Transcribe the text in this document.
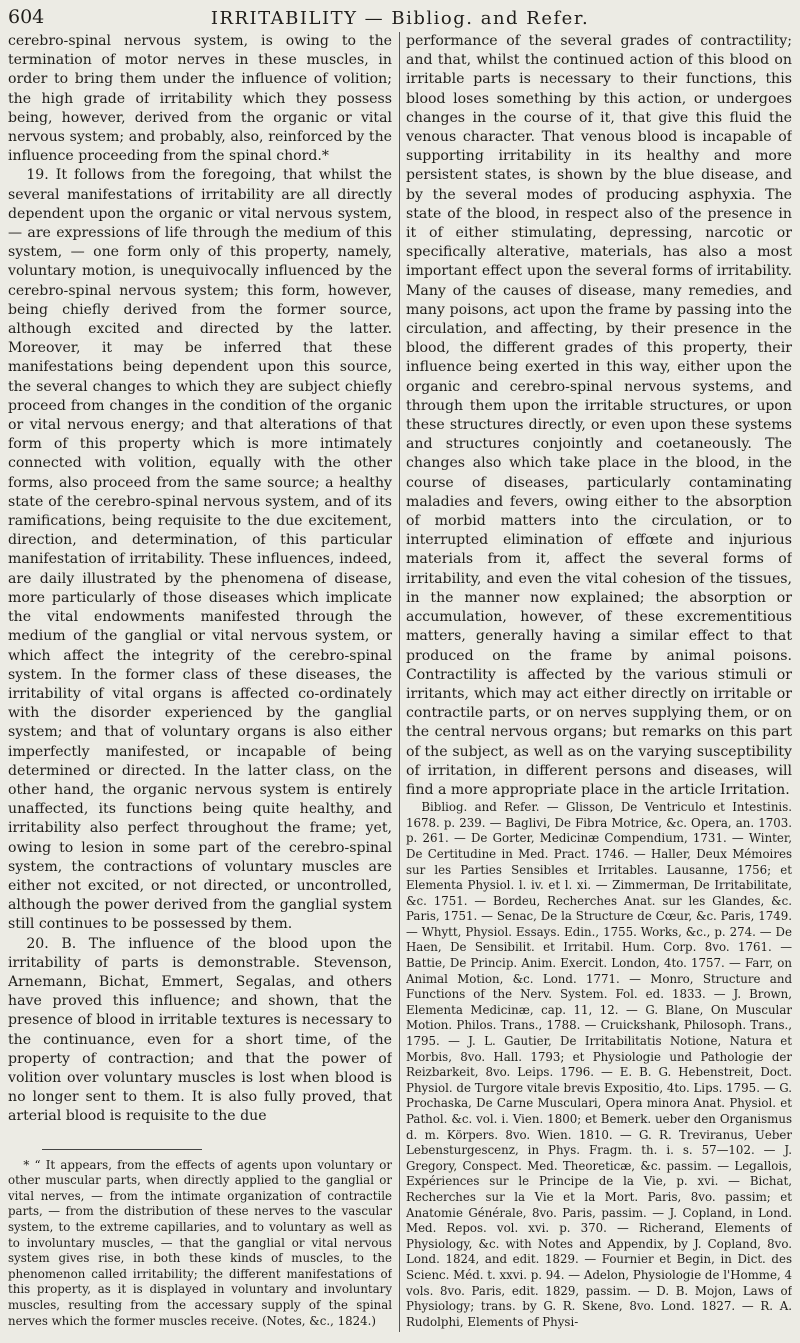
604	IRRITABILITY — Bibliog. and Refer.

cerebro-spinal nervous system, is owing to the termination of motor nerves in these muscles, in order to bring them under the influence of volition; the high grade of irritability which they possess being, however, derived from the organic or vital nervous system; and probably, also, reinforced by the influence proceeding from the spinal chord.*

19. It follows from the foregoing, that whilst the several manifestations of irritability are all directly dependent upon the organic or vital nervous system, — are expressions of life through the medium of this system, — one form only of this property, namely, voluntary motion, is unequivocally influenced by the cerebro-spinal nervous system; this form, however, being chiefly derived from the former source, although excited and directed by the latter. Moreover, it may be inferred that these manifestations being dependent upon this source, the several changes to which they are subject chiefly proceed from changes in the condition of the organic or vital nervous energy; and that alterations of that form of this property which is more intimately connected with volition, equally with the other forms, also proceed from the same source; a healthy state of the cerebro-spinal nervous system, and of its ramifications, being requisite to the due excitement, direction, and determination, of this particular manifestation of irritability. These influences, indeed, are daily illustrated by the phenomena of disease, more particularly of those diseases which implicate the vital endowments manifested through the medium of the ganglial or vital nervous system, or which affect the integrity of the cerebro-spinal system. In the former class of these diseases, the irritability of vital organs is affected co-ordinately with the disorder experienced by the ganglial system; and that of voluntary organs is also either imperfectly manifested, or incapable of being determined or directed. In the latter class, on the other hand, the organic nervous system is entirely unaffected, its functions being quite healthy, and irritability also perfect throughout the frame; yet, owing to lesion in some part of the cerebro-spinal system, the contractions of voluntary muscles are either not excited, or not directed, or uncontrolled, although the power derived from the ganglial system still continues to be possessed by them.

20. B. The influence of the blood upon the irritability of parts is demonstrable. Stevenson, Arnemann, Bichat, Emmert, Segalas, and others have proved this influence; and shown, that the presence of blood in irritable textures is necessary to the continuance, even for a short time, of the property of contraction; and that the power of volition over voluntary muscles is lost when blood is no longer sent to them. It is also fully proved, that arterial blood is requisite to the due

* “ It appears, from the effects of agents upon voluntary or other muscular parts, when directly applied to the ganglial or vital nerves, — from the intimate organization of contractile parts, — from the distribution of these nerves to the vascular system, to the extreme capillaries, and to voluntary as well as to involuntary muscles, — that the ganglial or vital nervous system gives rise, in both these kinds of muscles, to the phenomenon called irritability; the different manifestations of this property, as it is displayed in voluntary and involuntary muscles, resulting from the accessary supply of the spinal nerves which the former muscles receive. (Notes, &c., 1824.)

performance of the several grades of contractility; and that, whilst the continued action of this blood on irritable parts is necessary to their functions, this blood loses something by this action, or undergoes changes in the course of it, that give this fluid the venous character. That venous blood is incapable of supporting irritability in its healthy and more persistent states, is shown by the blue disease, and by the several modes of producing asphyxia. The state of the blood, in respect also of the presence in it of either stimulating, depressing, narcotic or specifically alterative, materials, has also a most important effect upon the several forms of irritability. Many of the causes of disease, many remedies, and many poisons, act upon the frame by passing into the circulation, and affecting, by their presence in the blood, the different grades of this property, their influence being exerted in this way, either upon the organic and cerebro-spinal nervous systems, and through them upon the irritable structures, or upon these structures directly, or even upon these systems and structures conjointly and coetaneously. The changes also which take place in the blood, in the course of diseases, particularly contaminating maladies and fevers, owing either to the absorption of morbid matters into the circulation, or to interrupted elimination of effœte and injurious materials from it, affect the several forms of irritability, and even the vital cohesion of the tissues, in the manner now explained; the absorption or accumulation, however, of these excrementitious matters, generally having a similar effect to that produced on the frame by animal poisons. Contractility is affected by the various stimuli or irritants, which may act either directly on irritable or contractile parts, or on nerves supplying them, or on the central nervous organs; but remarks on this part of the subject, as well as on the varying susceptibility of irritation, in different persons and diseases, will find a more appropriate place in the article Irritation.

Bibliog. and Refer. — Glisson, De Ventriculo et Intestinis. 1678. p. 239. — Baglivi, De Fibra Motrice, &c. Opera, an. 1703. p. 261. — De Gorter, Medicinæ Compendium, 1731. — Winter, De Certitudine in Med. Pract. 1746. — Haller, Deux Mémoires sur les Parties Sensibles et Irritables. Lausanne, 1756; et Elementa Physiol. l. iv. et l. xi. — Zimmerman, De Irritabilitate, &c. 1751. — Bordeu, Recherches Anat. sur les Glandes, &c. Paris, 1751. — Senac, De la Structure de Cœur, &c. Paris, 1749. — Whytt, Physiol. Essays. Edin., 1755. Works, &c., p. 274. — De Haen, De Sensibilit. et Irritabil. Hum. Corp. 8vo. 1761. — Battie, De Princip. Anim. Exercit. London, 4to. 1757. — Farr, on Animal Motion, &c. Lond. 1771. — Monro, Structure and Functions of the Nerv. System. Fol. ed. 1833. — J. Brown, Elementa Medicinæ, cap. 11, 12. — G. Blane, On Muscular Motion. Philos. Trans., 1788. — Cruickshank, Philosoph. Trans., 1795. — J. L. Gautier, De Irritabilitatis Notione, Natura et Morbis, 8vo. Hall. 1793; et Physiologie und Pathologie der Reizbarkeit, 8vo. Leips. 1796. — E. B. G. Hebenstreit, Doct. Physiol. de Turgore vitale brevis Expositio, 4to. Lips. 1795. — G. Prochaska, De Carne Musculari, Opera minora Anat. Physiol. et Pathol. &c. vol. i. Vien. 1800; et Bemerk. ueber den Organismus d. m. Körpers. 8vo. Wien. 1810. — G. R. Treviranus, Ueber Lebensturgescenz, in Phys. Fragm. th. i. s. 57—102. — J. Gregory, Conspect. Med. Theoreticæ, &c. passim. — Legallois, Expériences sur le Principe de la Vie, p. xvi. — Bichat, Recherches sur la Vie et la Mort. Paris, 8vo. passim; et Anatomie Générale, 8vo. Paris, passim. — J. Copland, in Lond. Med. Repos. vol. xvi. p. 370. — Richerand, Elements of Physiology, &c. with Notes and Appendix, by J. Copland, 8vo. Lond. 1824, and edit. 1829. — Fournier et Begin, in Dict. des Scienc. Méd. t. xxvi. p. 94. — Adelon, Physiologie de l'Homme, 4 vols. 8vo. Paris, edit. 1829, passim. — D. B. Mojon, Laws of Physiology; trans. by G. R. Skene, 8vo. Lond. 1827. — R. A. Rudolphi, Elements of Physi-
